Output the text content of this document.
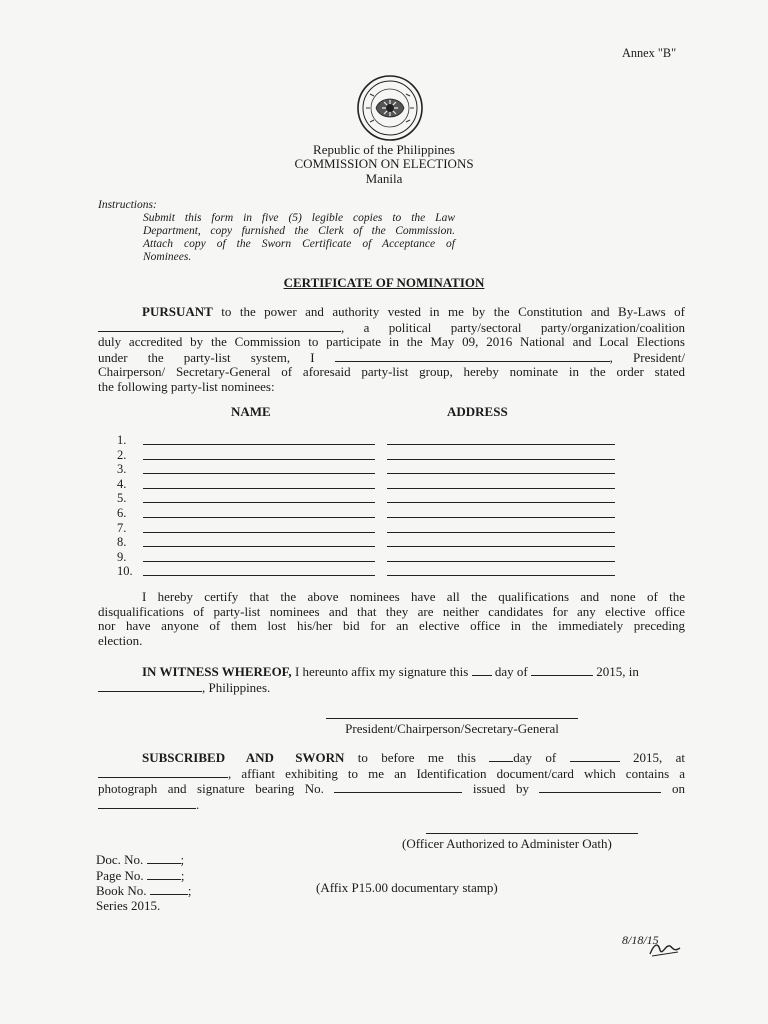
Annex "B"
Republic of the Philippines
COMMISSION ON ELECTIONS
Manila
Instructions:
Submit this form in five (5) legible copies to the Law
Department, copy furnished the Clerk of the Commission.
Attach copy of the Sworn Certificate of Acceptance of
Nominees.
CERTIFICATE OF NOMINATION
PURSUANT to the power and authority vested in me by the Constitution and By-Laws of
, a political party/sectoral party/organization/coalition
duly accredited by the Commission to participate in the May 09, 2016 National and Local Elections
under the party-list system, I	, President/
Chairperson/ Secretary-General of aforesaid party-list group, hereby nominate in the order stated
the following party-list nominees:
NAME	ADDRESS
1.
2.
3.
4.
5.
6.
7.
8.
9.
10.
I hereby certify that the above nominees have all the qualifications and none of the
disqualifications of party-list nominees and that they are neither candidates for any elective office
nor have anyone of them lost his/her bid for an elective office in the immediately preceding
election.
IN WITNESS WHEREOF, I hereunto affix my signature this day of	2015, in
, Philippines.
President/Chairperson/Secretary-General
SUBSCRIBED AND SWORN to before me this	day of	2015, at
, affiant exhibiting to me an Identification document/card which contains a
photograph and signature bearing No.	issued by	on
.
(Officer Authorized to Administer Oath)
Doc. No.	;
Page No.	;
Book No.	;
Series 2015.
(Affix P15.00 documentary stamp)
8/18/15
